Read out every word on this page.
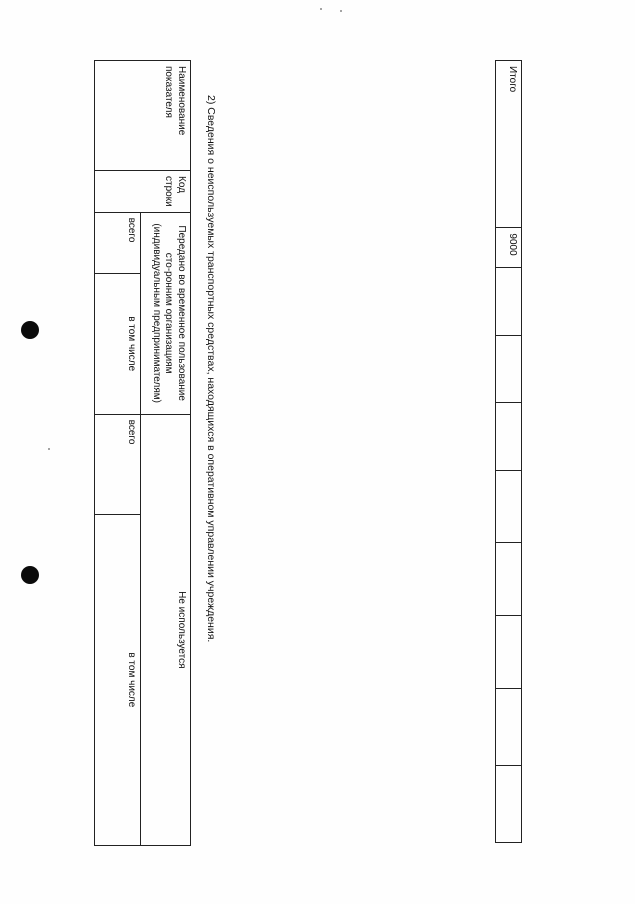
Итого	9000								
2) Сведения о неиспользуемых транспортных средствах, находящихся в оперативном управлении учреждения.
Наименование показателя	Код строки	Передано во временное пользование сто-ронним организациям (индивидуальным предпринимателям)		Не используется	
		всего	в том числе	всего	в том числе
